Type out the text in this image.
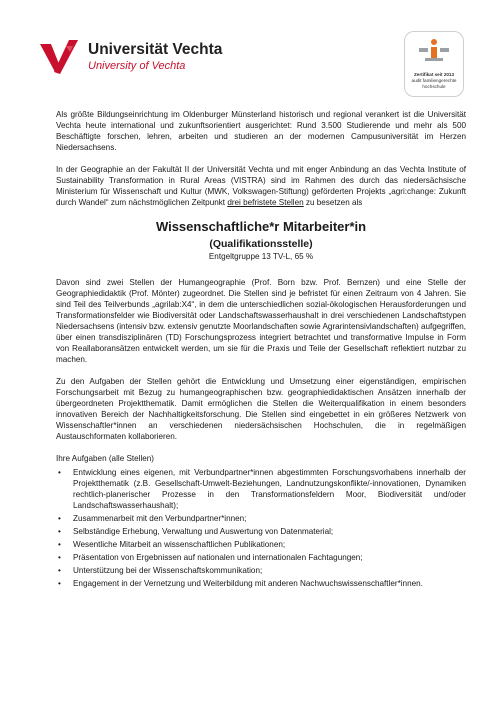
Universität Vechta
University of Vechta
Zertifikat seit 2013
audit familiengerechte
hochschule

Als größte Bildungseinrichtung im Oldenburger Münsterland historisch und regional verankert ist die Universität Vechta heute international und zukunftsorientiert ausgerichtet: Rund 3.500 Studierende und mehr als 500 Beschäftigte forschen, lehren, arbeiten und studieren an der modernen Campusuniversität im Herzen Niedersachsens.

In der Geographie an der Fakultät II der Universität Vechta und mit enger Anbindung an das Vechta Institute of Sustainability Transformation in Rural Areas (VISTRA) sind im Rahmen des durch das niedersächsische Ministerium für Wissenschaft und Kultur (MWK, Volkswagen-Stiftung) geförderten Projekts „agri:change: Zukunft durch Wandel“ zum nächstmöglichen Zeitpunkt drei befristete Stellen zu besetzen als

Wissenschaftliche*r Mitarbeiter*in
(Qualifikationsstelle)
Entgeltgruppe 13 TV-L, 65 %

Davon sind zwei Stellen der Humangeographie (Prof. Born bzw. Prof. Bernzen) und eine Stelle der Geographiedidaktik (Prof. Mönter) zugeordnet. Die Stellen sind je befristet für einen Zeitraum von 4 Jahren. Sie sind Teil des Teilverbunds „agrilab:X4“, in dem die unterschiedlichen sozial-ökologischen Herausforderungen und Transformationsfelder wie Biodiversität oder Landschaftswasserhaushalt in drei verschiedenen Landschaftstypen Niedersachsens (intensiv bzw. extensiv genutzte Moorlandschaften sowie Agrarintensivlandschaften) aufgegriffen, über einen transdisziplinären (TD) Forschungsprozess integriert betrachtet und transformative Impulse in Form von Reallaboransätzen entwickelt werden, um sie für die Praxis und Teile der Gesellschaft reflektiert nutzbar zu machen.

Zu den Aufgaben der Stellen gehört die Entwicklung und Umsetzung einer eigenständigen, empirischen Forschungsarbeit mit Bezug zu humangeographischen bzw. geographiedidaktischen Ansätzen innerhalb der übergeordneten Projektthematik. Damit ermöglichen die Stellen die Weiterqualifikation in einem besonders innovativen Bereich der Nachhaltigkeitsforschung. Die Stellen sind eingebettet in ein größeres Netzwerk von Wissenschaftler*innen an verschiedenen niedersächsischen Hochschulen, die in regelmäßigen Austauschformaten kollaborieren.

Ihre Aufgaben (alle Stellen)
• Entwicklung eines eigenen, mit Verbundpartner*innen abgestimmten Forschungsvorhabens innerhalb der Projektthematik (z.B. Gesellschaft-Umwelt-Beziehungen, Landnutzungskonflikte/-innovationen, Dynamiken rechtlich-planerischer Prozesse in den Transformationsfeldern Moor, Biodiversität und/oder Landschaftswasserhaushalt);
• Zusammenarbeit mit den Verbundpartner*innen;
• Selbständige Erhebung, Verwaltung und Auswertung von Datenmaterial;
• Wesentliche Mitarbeit an wissenschaftlichen Publikationen;
• Präsentation von Ergebnissen auf nationalen und internationalen Fachtagungen;
• Unterstützung bei der Wissenschaftskommunikation;
• Engagement in der Vernetzung und Weiterbildung mit anderen Nachwuchswissenschaftler*innen.
